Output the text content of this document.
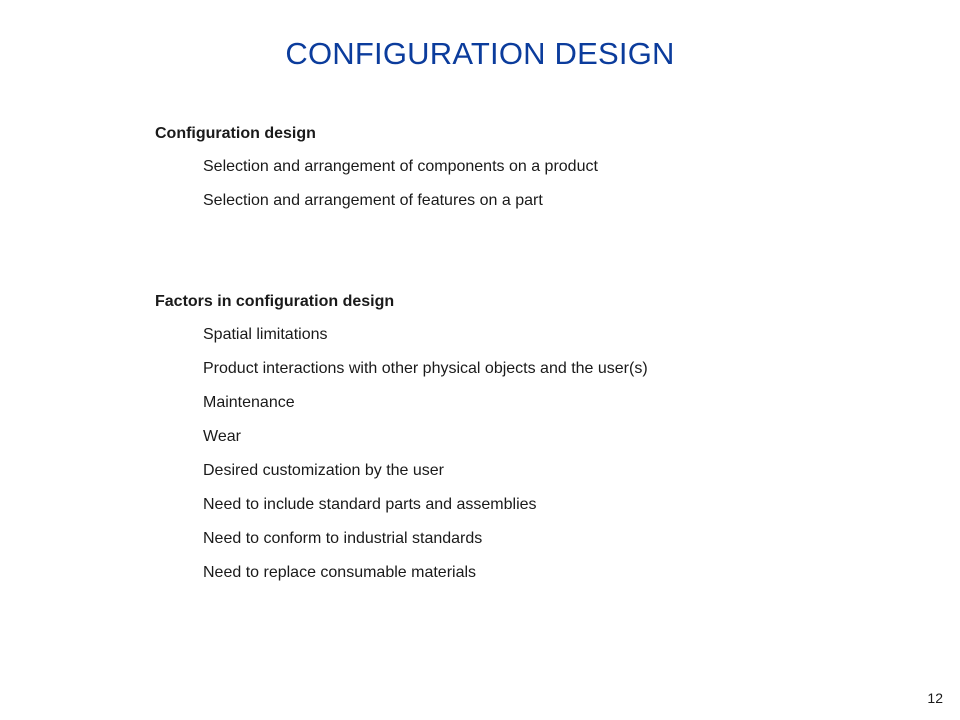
CONFIGURATION DESIGN
Configuration design
Selection and arrangement of components on a product
Selection and arrangement of features on a part
Factors in configuration design
Spatial limitations
Product interactions with other physical objects and the user(s)
Maintenance
Wear
Desired customization by the user
Need to include standard parts and assemblies
Need to conform to industrial standards
Need to replace consumable materials
12
